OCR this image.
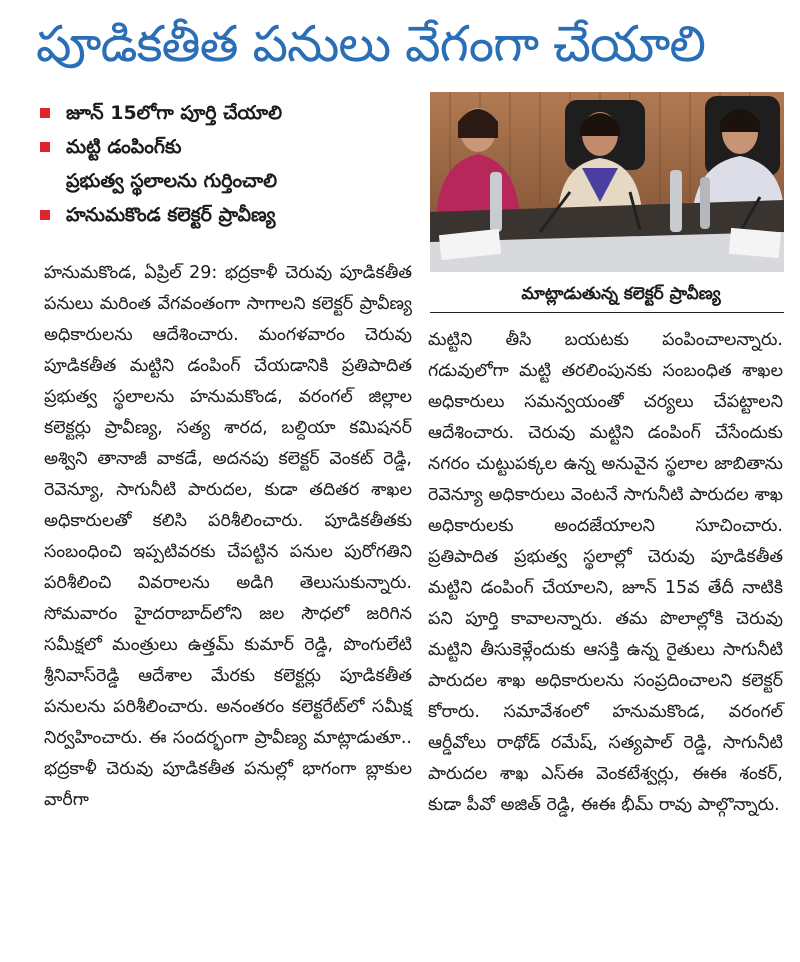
పూడికతీత పనులు వేగంగా చేయాలి
జూన్ 15లోగా పూర్తి చేయాలి
మట్టి డంపింగ్‌కు
ప్రభుత్వ స్థలాలను గుర్తించాలి
హనుమకొండ కలెక్టర్ ప్రావీణ్య

హనుమకొండ, ఏప్రిల్ 29: భద్రకాళీ చెరువు పూడికతీత పనులు మరింత వేగవంతంగా సాగాలని కలెక్టర్ ప్రావీణ్య అధికారులను ఆదేశించారు. మంగళవారం చెరువు పూడికతీత మట్టిని డంపింగ్ చేయడానికి ప్రతిపాదిత ప్రభుత్వ స్థలాలను హనుమకొండ, వరంగల్ జిల్లాల కలెక్టర్లు ప్రావీణ్య, సత్య శారద, బల్దియా కమిషనర్ అశ్విని తానాజీ వాకడే, అదనపు కలెక్టర్ వెంకట్ రెడ్డి, రెవెన్యూ, సాగునీటి పారుదల, కుడా తదితర శాఖల అధికారులతో కలిసి పరిశీలించారు. పూడికతీతకు సంబంధించి ఇప్పటివరకు చేపట్టిన పనుల పురోగతిని పరిశీలించి వివరాలను అడిగి తెలుసుకున్నారు. సోమవారం హైదరాబాద్‌లోని జల సౌధలో జరిగిన సమీక్షలో మంత్రులు ఉత్తమ్ కుమార్ రెడ్డి, పొంగులేటి శ్రీనివాస్‌రెడ్డి ఆదేశాల మేరకు కలెక్టర్లు పూడికతీత పనులను పరిశీలించారు. అనంతరం కలెక్టరేట్‌లో సమీక్ష నిర్వహించారు. ఈ సందర్భంగా ప్రావీణ్య మాట్లాడుతూ.. భద్రకాళీ చెరువు పూడికతీత పనుల్లో భాగంగా బ్లాకుల వారీగా

మాట్లాడుతున్న కలెక్టర్ ప్రావీణ్య

మట్టిని తీసి బయటకు పంపించాలన్నారు. గడువులోగా మట్టి తరలింపునకు సంబంధిత శాఖల అధికారులు సమన్వయంతో చర్యలు చేపట్టాలని ఆదేశించారు. చెరువు మట్టిని డంపింగ్ చేసేందుకు నగరం చుట్టుపక్కల ఉన్న అనువైన స్థలాల జాబితాను రెవెన్యూ అధికారులు వెంటనే సాగునీటి పారుదల శాఖ అధికారులకు అందజేయాలని సూచించారు. ప్రతిపాదిత ప్రభుత్వ స్థలాల్లో చెరువు పూడికతీత మట్టిని డంపింగ్ చేయాలని, జూన్ 15వ తేదీ నాటికి పని పూర్తి కావాలన్నారు. తమ పొలాల్లోకి చెరువు మట్టిని తీసుకెళ్లేందుకు ఆసక్తి ఉన్న రైతులు సాగునీటి పారుదల శాఖ అధికారులను సంప్రదించాలని కలెక్టర్ కోరారు. సమావేశంలో హనుమకొండ, వరంగల్ ఆర్డీవోలు రాథోడ్ రమేష్, సత్యపాల్ రెడ్డి, సాగునీటి పారుదల శాఖ ఎస్ఈ వెంకటేశ్వర్లు, ఈఈ శంకర్, కుడా పీవో అజిత్ రెడ్డి, ఈఈ భీమ్ రావు పాల్గొన్నారు.
